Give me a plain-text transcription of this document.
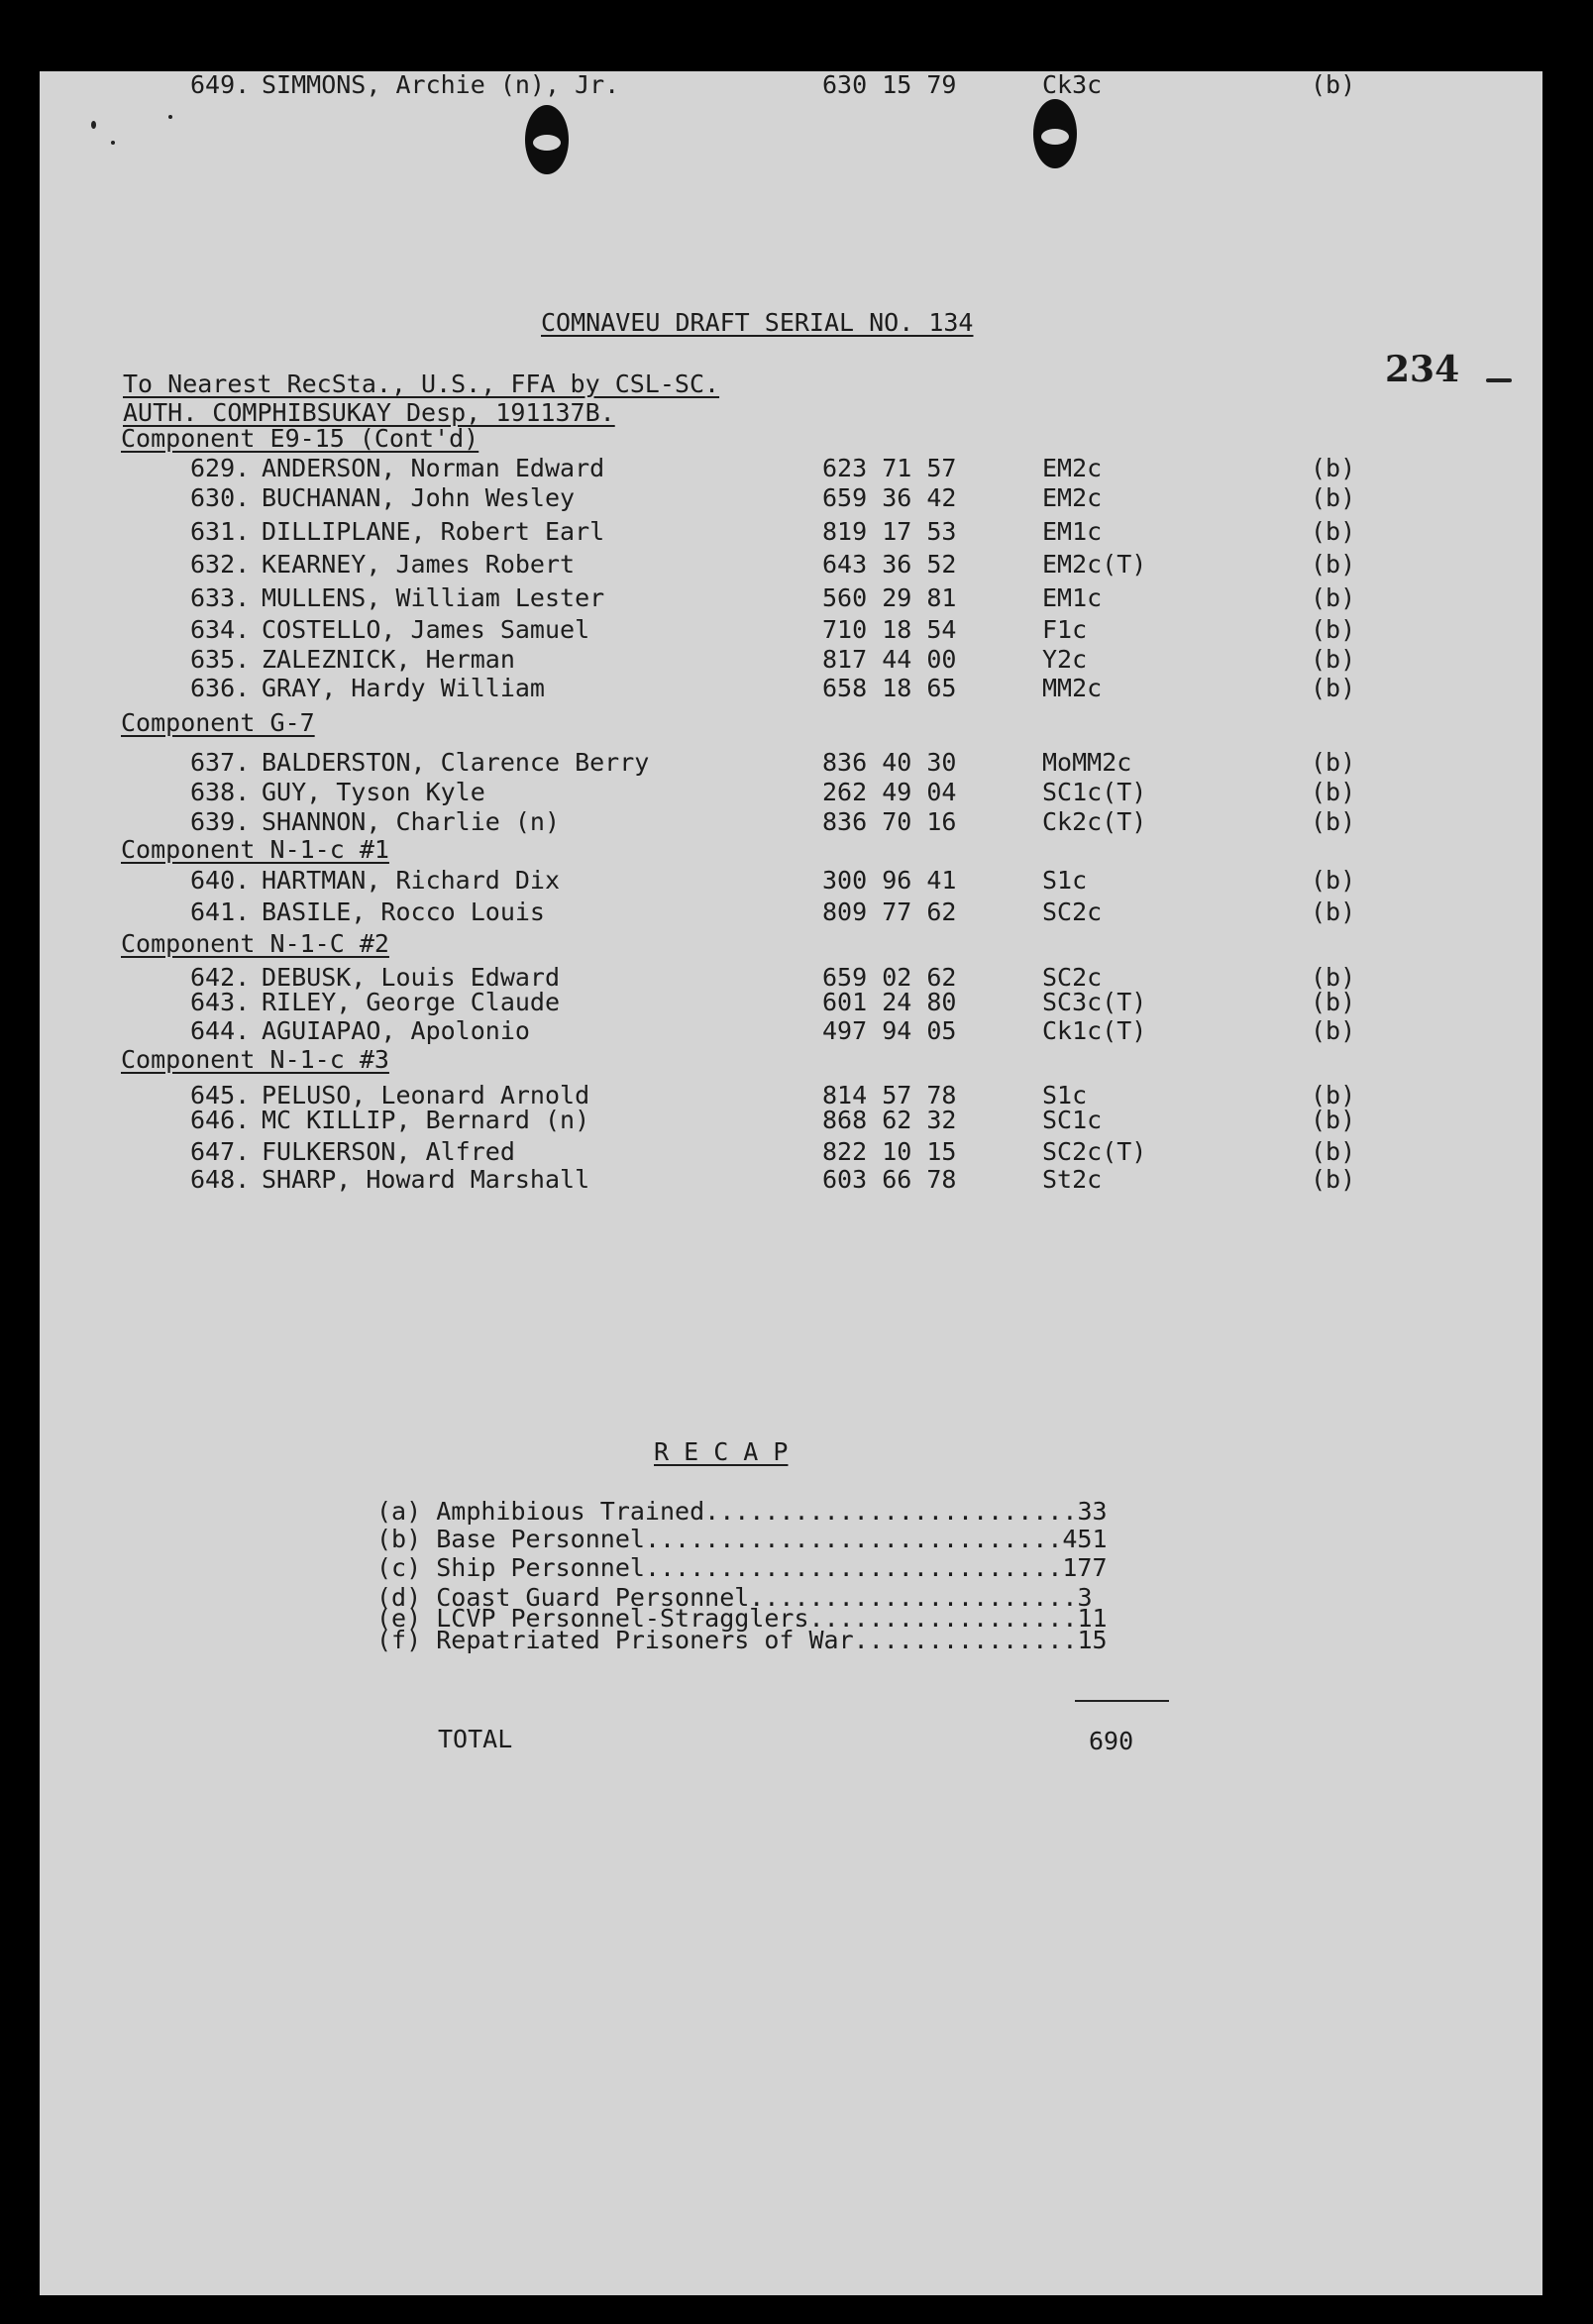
COMNAVEU DRAFT SERIAL NO. 134
234
To Nearest RecSta., U.S., FFA by CSL-SC.
AUTH. COMPHIBSUKAY Desp, 191137B.
Component E9-15 (Cont'd)
629. ANDERSON, Norman Edward	623 71 57	EM2c	(b)
630. BUCHANAN, John Wesley	659 36 42	EM2c	(b)
631. DILLIPLANE, Robert Earl	819 17 53	EM1c	(b)
632. KEARNEY, James Robert	643 36 52	EM2c(T)	(b)
633. MULLENS, William Lester	560 29 81	EM1c	(b)
634. COSTELLO, James Samuel	710 18 54	F1c	(b)
635. ZALEZNICK, Herman	817 44 00	Y2c	(b)
636. GRAY, Hardy William	658 18 65	MM2c	(b)
Component G-7
637. BALDERSTON, Clarence Berry	836 40 30	MoMM2c	(b)
638. GUY, Tyson Kyle	262 49 04	SC1c(T)	(b)
639. SHANNON, Charlie (n)	836 70 16	Ck2c(T)	(b)
Component N-1-c #1
640. HARTMAN, Richard Dix	300 96 41	S1c	(b)
641. BASILE, Rocco Louis	809 77 62	SC2c	(b)
Component N-1-C #2
642. DEBUSK, Louis Edward	659 02 62	SC2c	(b)
643. RILEY, George Claude	601 24 80	SC3c(T)	(b)
644. AGUIAPAO, Apolonio	497 94 05	Ck1c(T)	(b)
Component N-1-c #3
645. PELUSO, Leonard Arnold	814 57 78	S1c	(b)
646. MC KILLIP, Bernard (n)	868 62 32	SC1c	(b)
647. FULKERSON, Alfred	822 10 15	SC2c(T)	(b)
648. SHARP, Howard Marshall	603 66 78	St2c	(b)
649. SIMMONS, Archie (n), Jr.	630 15 79	Ck3c	(b)
R E C A P
(a) Amphibious Trained.........................33
(b) Base Personnel............................451
(c) Ship Personnel............................177
(d) Coast Guard Personnel......................3
(e) LCVP Personnel-Stragglers..................11
(f) Repatriated Prisoners of War...............15
TOTAL	690
